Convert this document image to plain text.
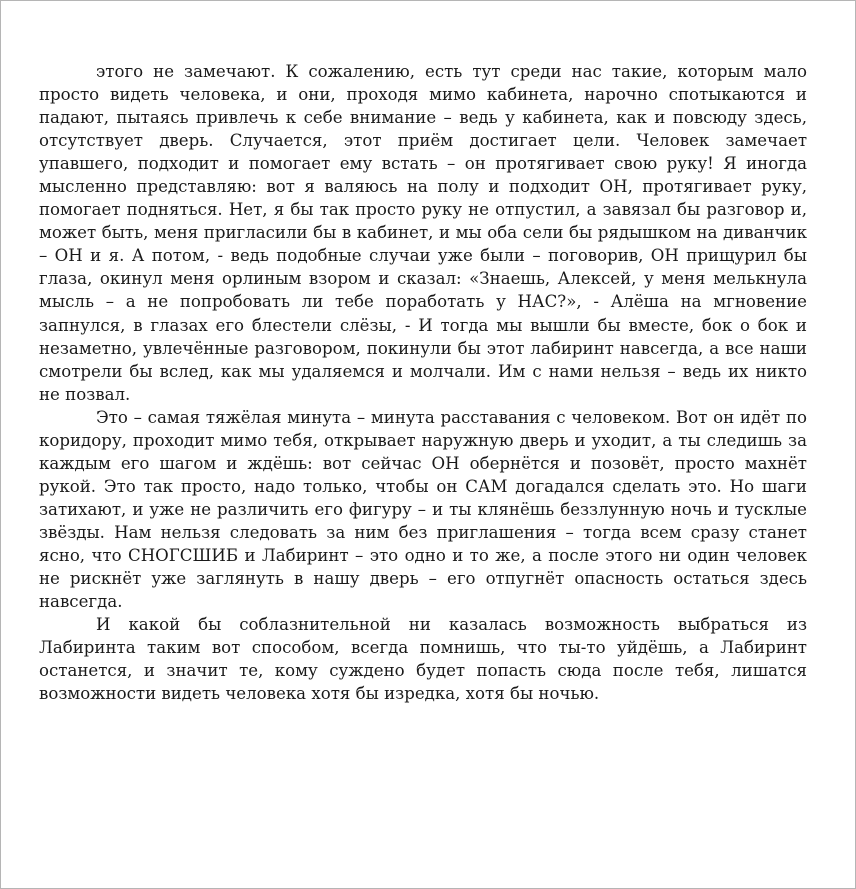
этого не замечают. К сожалению, есть тут среди нас такие, которым мало просто видеть человека, и они, проходя мимо кабинета, нарочно спотыкаются и падают, пытаясь привлечь к себе внимание – ведь у кабинета, как и повсюду здесь, отсутствует дверь. Случается, этот приём достигает цели. Человек замечает упавшего, подходит и помогает ему встать – он протягивает свою руку! Я иногда мысленно представляю: вот я валяюсь на полу и подходит ОН, протягивает руку, помогает подняться. Нет, я бы так просто руку не отпустил, а завязал бы разговор и, может быть, меня пригласили бы в кабинет, и мы оба сели бы рядышком на диванчик – ОН и я. А потом, - ведь подобные случаи уже были – поговорив, ОН прищурил бы глаза, окинул меня орлиным взором и сказал: «Знаешь, Алексей, у меня мелькнула мысль – а не попробовать ли тебе поработать у НАС?», - Алёша на мгновение запнулся, в глазах его блестели слёзы, - И тогда мы вышли бы вместе, бок о бок и незаметно, увлечённые разговором, покинули бы этот лабиринт навсегда, а все наши смотрели бы вслед, как мы удаляемся и молчали. Им с нами нельзя – ведь их никто не позвал.

Это – самая тяжёлая минута – минута расставания с человеком. Вот он идёт по коридору, проходит мимо тебя, открывает наружную дверь и уходит, а ты следишь за каждым его шагом и ждёшь: вот сейчас ОН обернётся и позовёт, просто махнёт рукой. Это так просто, надо только, чтобы он САМ догадался сделать это. Но шаги затихают, и уже не различить его фигуру – и ты клянёшь беззлунную ночь и тусклые звёзды. Нам нельзя следовать за ним без приглашения – тогда всем сразу станет ясно, что СНОГСШИБ и Лабиринт – это одно и то же, а после этого ни один человек не рискнёт уже заглянуть в нашу дверь – его отпугнёт опасность остаться здесь навсегда.

И какой бы соблазнительной ни казалась возможность выбраться из Лабиринта таким вот способом, всегда помнишь, что ты-то уйдёшь, а Лабиринт останется, и значит те, кому суждено будет попасть сюда после тебя, лишатся возможности видеть человека хотя бы изредка, хотя бы ночью.
